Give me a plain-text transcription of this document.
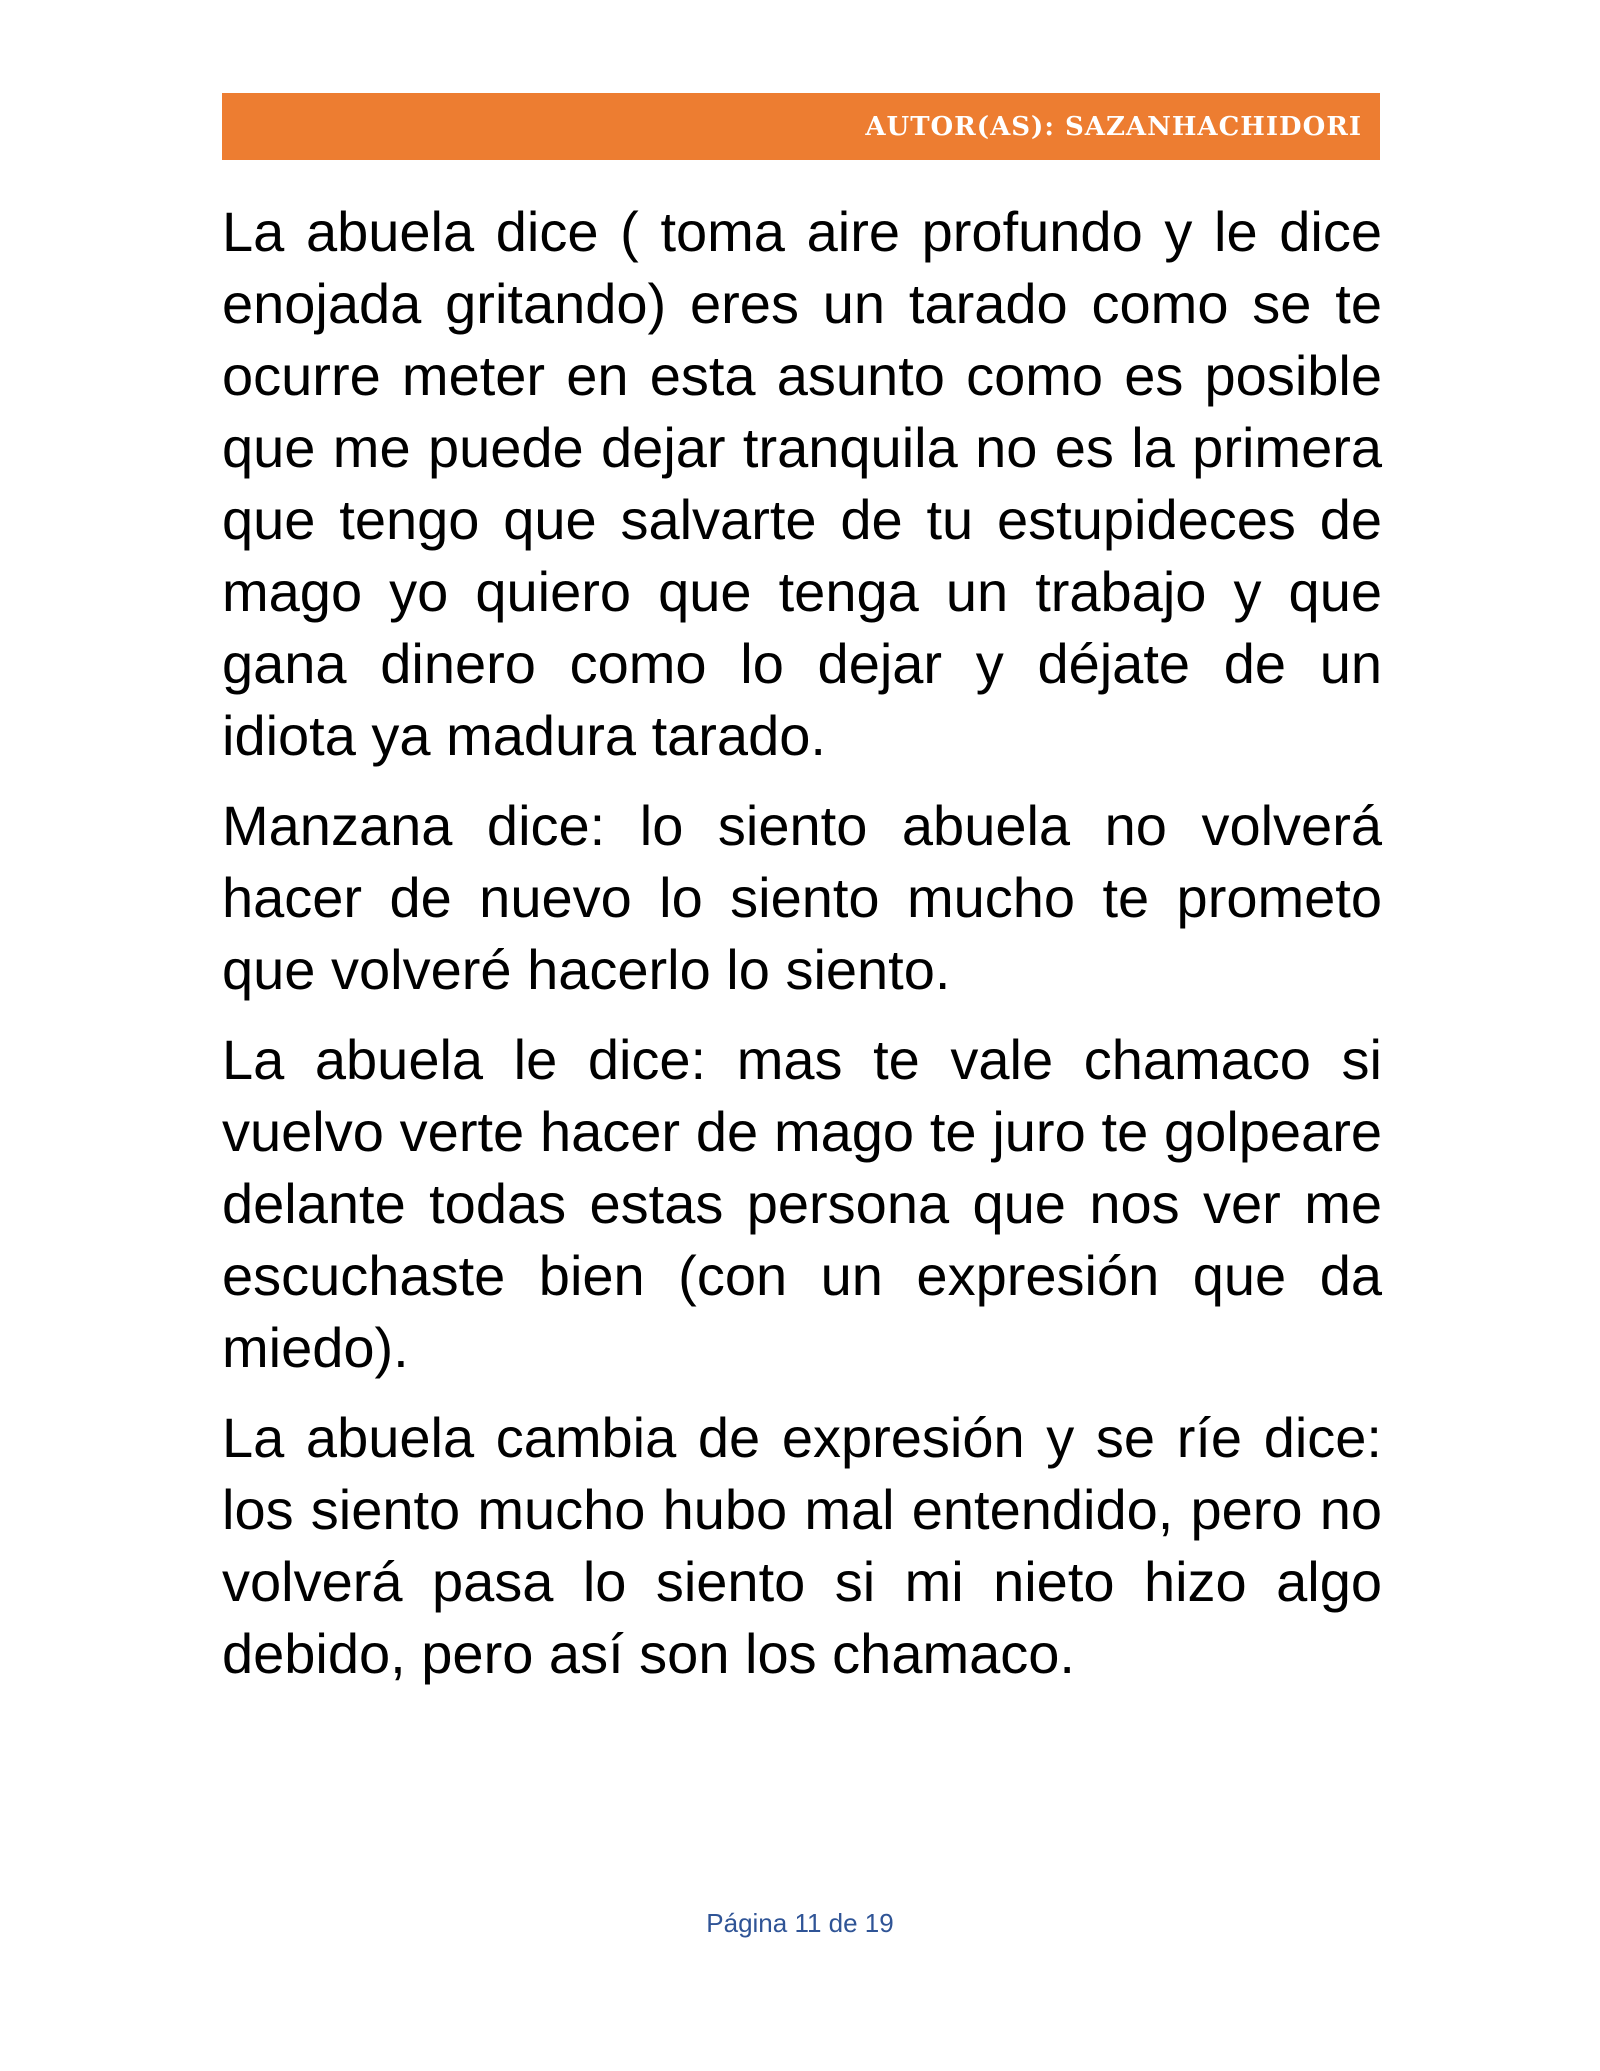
AUTOR(AS): SAZANHACHIDORI

La abuela dice ( toma aire profundo y le dice enojada gritando) eres un tarado como se te ocurre meter en esta asunto como es posible que me puede dejar tranquila no es la primera que tengo que salvarte de tu estupideces de mago yo quiero que tenga un trabajo y que gana dinero como lo dejar y déjate de un idiota ya madura tarado.

Manzana dice: lo siento abuela no volverá hacer de nuevo lo siento mucho te prometo que volveré hacerlo lo siento.

La abuela le dice: mas te vale chamaco si vuelvo verte hacer de mago te juro te golpeare delante todas estas persona que nos ver me escuchaste bien (con un expresión que da miedo).

La abuela cambia de expresión y se ríe dice: los siento mucho hubo mal entendido, pero no volverá pasa lo siento si mi nieto hizo algo debido, pero así son los chamaco.

Página 11 de 19
